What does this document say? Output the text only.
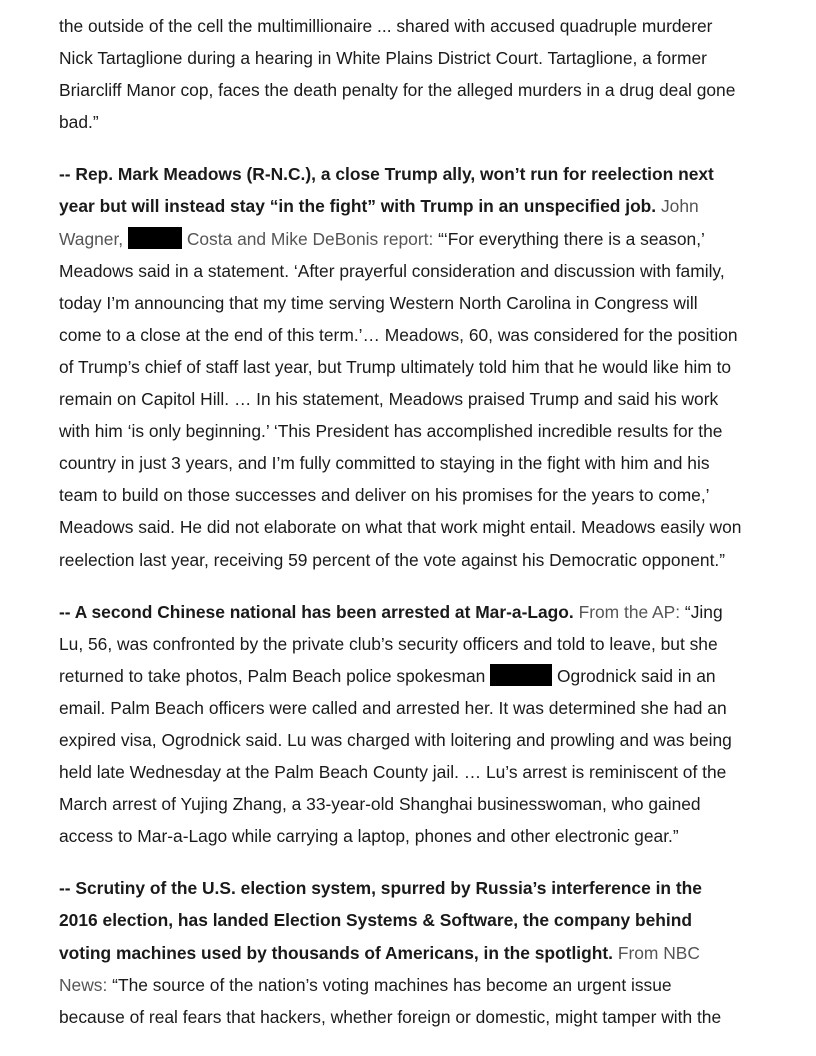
the outside of the cell the multimillionaire ... shared with accused quadruple murderer
Nick Tartaglione during a hearing in White Plains District Court. Tartaglione, a former
Briarcliff Manor cop, faces the death penalty for the alleged murders in a drug deal gone
bad.”

-- Rep. Mark Meadows (R-N.C.), a close Trump ally, won’t run for reelection next
year but will instead stay “in the fight” with Trump in an unspecified job. John
Wagner,	Costa and Mike DeBonis report: “‘For everything there is a season,’
Meadows said in a statement. ‘After prayerful consideration and discussion with family,
today I’m announcing that my time serving Western North Carolina in Congress will
come to a close at the end of this term.’… Meadows, 60, was considered for the position
of Trump’s chief of staff last year, but Trump ultimately told him that he would like him to
remain on Capitol Hill. … In his statement, Meadows praised Trump and said his work
with him ‘is only beginning.’ ‘This President has accomplished incredible results for the
country in just 3 years, and I’m fully committed to staying in the fight with him and his
team to build on those successes and deliver on his promises for the years to come,’
Meadows said. He did not elaborate on what that work might entail. Meadows easily won
reelection last year, receiving 59 percent of the vote against his Democratic opponent.”

-- A second Chinese national has been arrested at Mar-a-Lago. From the AP: “Jing
Lu, 56, was confronted by the private club’s security officers and told to leave, but she
returned to take photos, Palm Beach police spokesman	Ogrodnick said in an
email. Palm Beach officers were called and arrested her. It was determined she had an
expired visa, Ogrodnick said. Lu was charged with loitering and prowling and was being
held late Wednesday at the Palm Beach County jail. … Lu’s arrest is reminiscent of the
March arrest of Yujing Zhang, a 33-year-old Shanghai businesswoman, who gained
access to Mar-a-Lago while carrying a laptop, phones and other electronic gear.”

-- Scrutiny of the U.S. election system, spurred by Russia’s interference in the
2016 election, has landed Election Systems & Software, the company behind
voting machines used by thousands of Americans, in the spotlight. From NBC
News: “The source of the nation’s voting machines has become an urgent issue
because of real fears that hackers, whether foreign or domestic, might tamper with the
